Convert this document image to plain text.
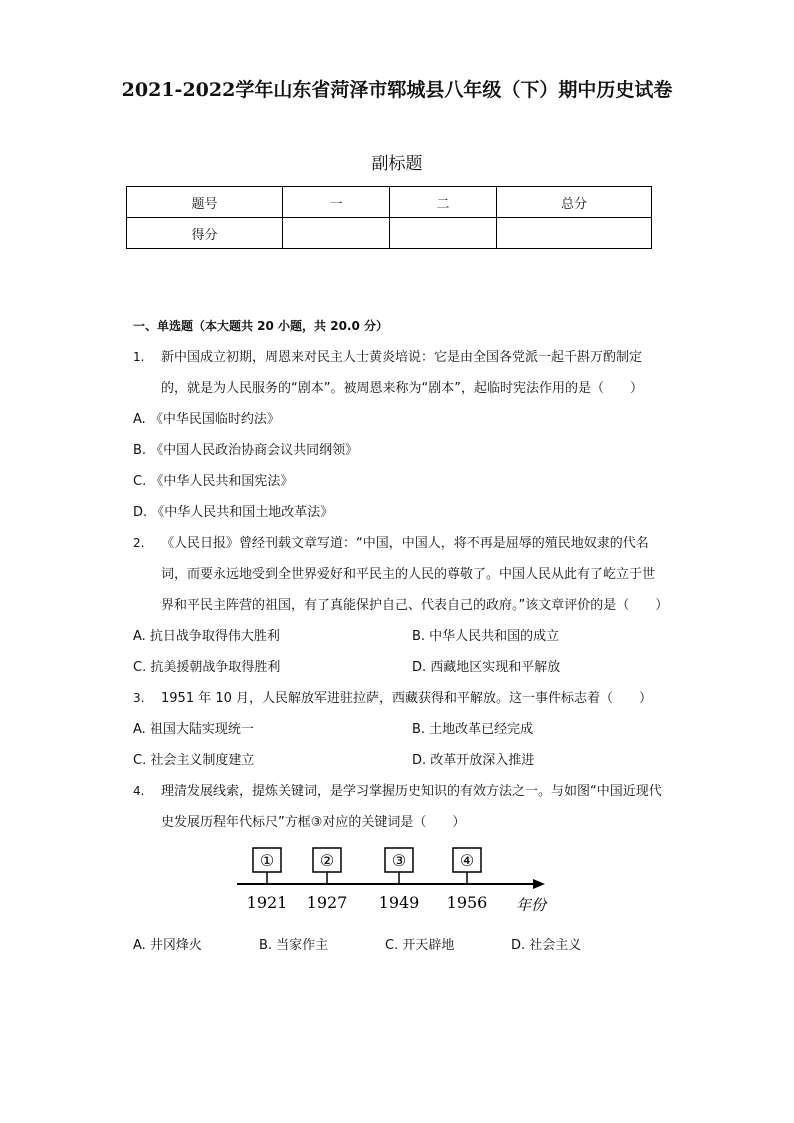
2021-2022学年山东省菏泽市郓城县八年级（下）期中历史试卷
副标题
题号	一	二	总分
得分			
一、单选题（本大题共 20 小题，共 20.0 分）
1.	新中国成立初期，周恩来对民主人士黄炎培说：它是由全国各党派一起千斟万酌制定的，就是为人民服务的“剧本”。被周恩来称为“剧本”，起临时宪法作用的是（　　）
A. 《中华民国临时约法》
B. 《中国人民政治协商会议共同纲领》
C. 《中华人民共和国宪法》
D. 《中华人民共和国土地改革法》
2.	《人民日报》曾经刊载文章写道：“中国，中国人，将不再是屈辱的殖民地奴隶的代名词，而要永远地受到全世界爱好和平民主的人民的尊敬了。中国人民从此有了屹立于世界和平民主阵营的祖国，有了真能保护自己、代表自己的政府。”该文章评价的是（　　）
A. 抗日战争取得伟大胜利	B. 中华人民共和国的成立
C. 抗美援朝战争取得胜利	D. 西藏地区实现和平解放
3.	1951 年 10 月，人民解放军进驻拉萨，西藏获得和平解放。这一事件标志着（　　）
A. 祖国大陆实现统一	B. 土地改革已经完成
C. 社会主义制度建立	D. 改革开放深入推进
4.	理清发展线索，提炼关键词，是学习掌握历史知识的有效方法之一。与如图“中国近现代史发展历程年代标尺”方框③对应的关键词是（　　）
①
1921
②
1927
③
1949
④
1956 年份
A. 井冈烽火	B. 当家作主	C. 开天辟地	D. 社会主义
